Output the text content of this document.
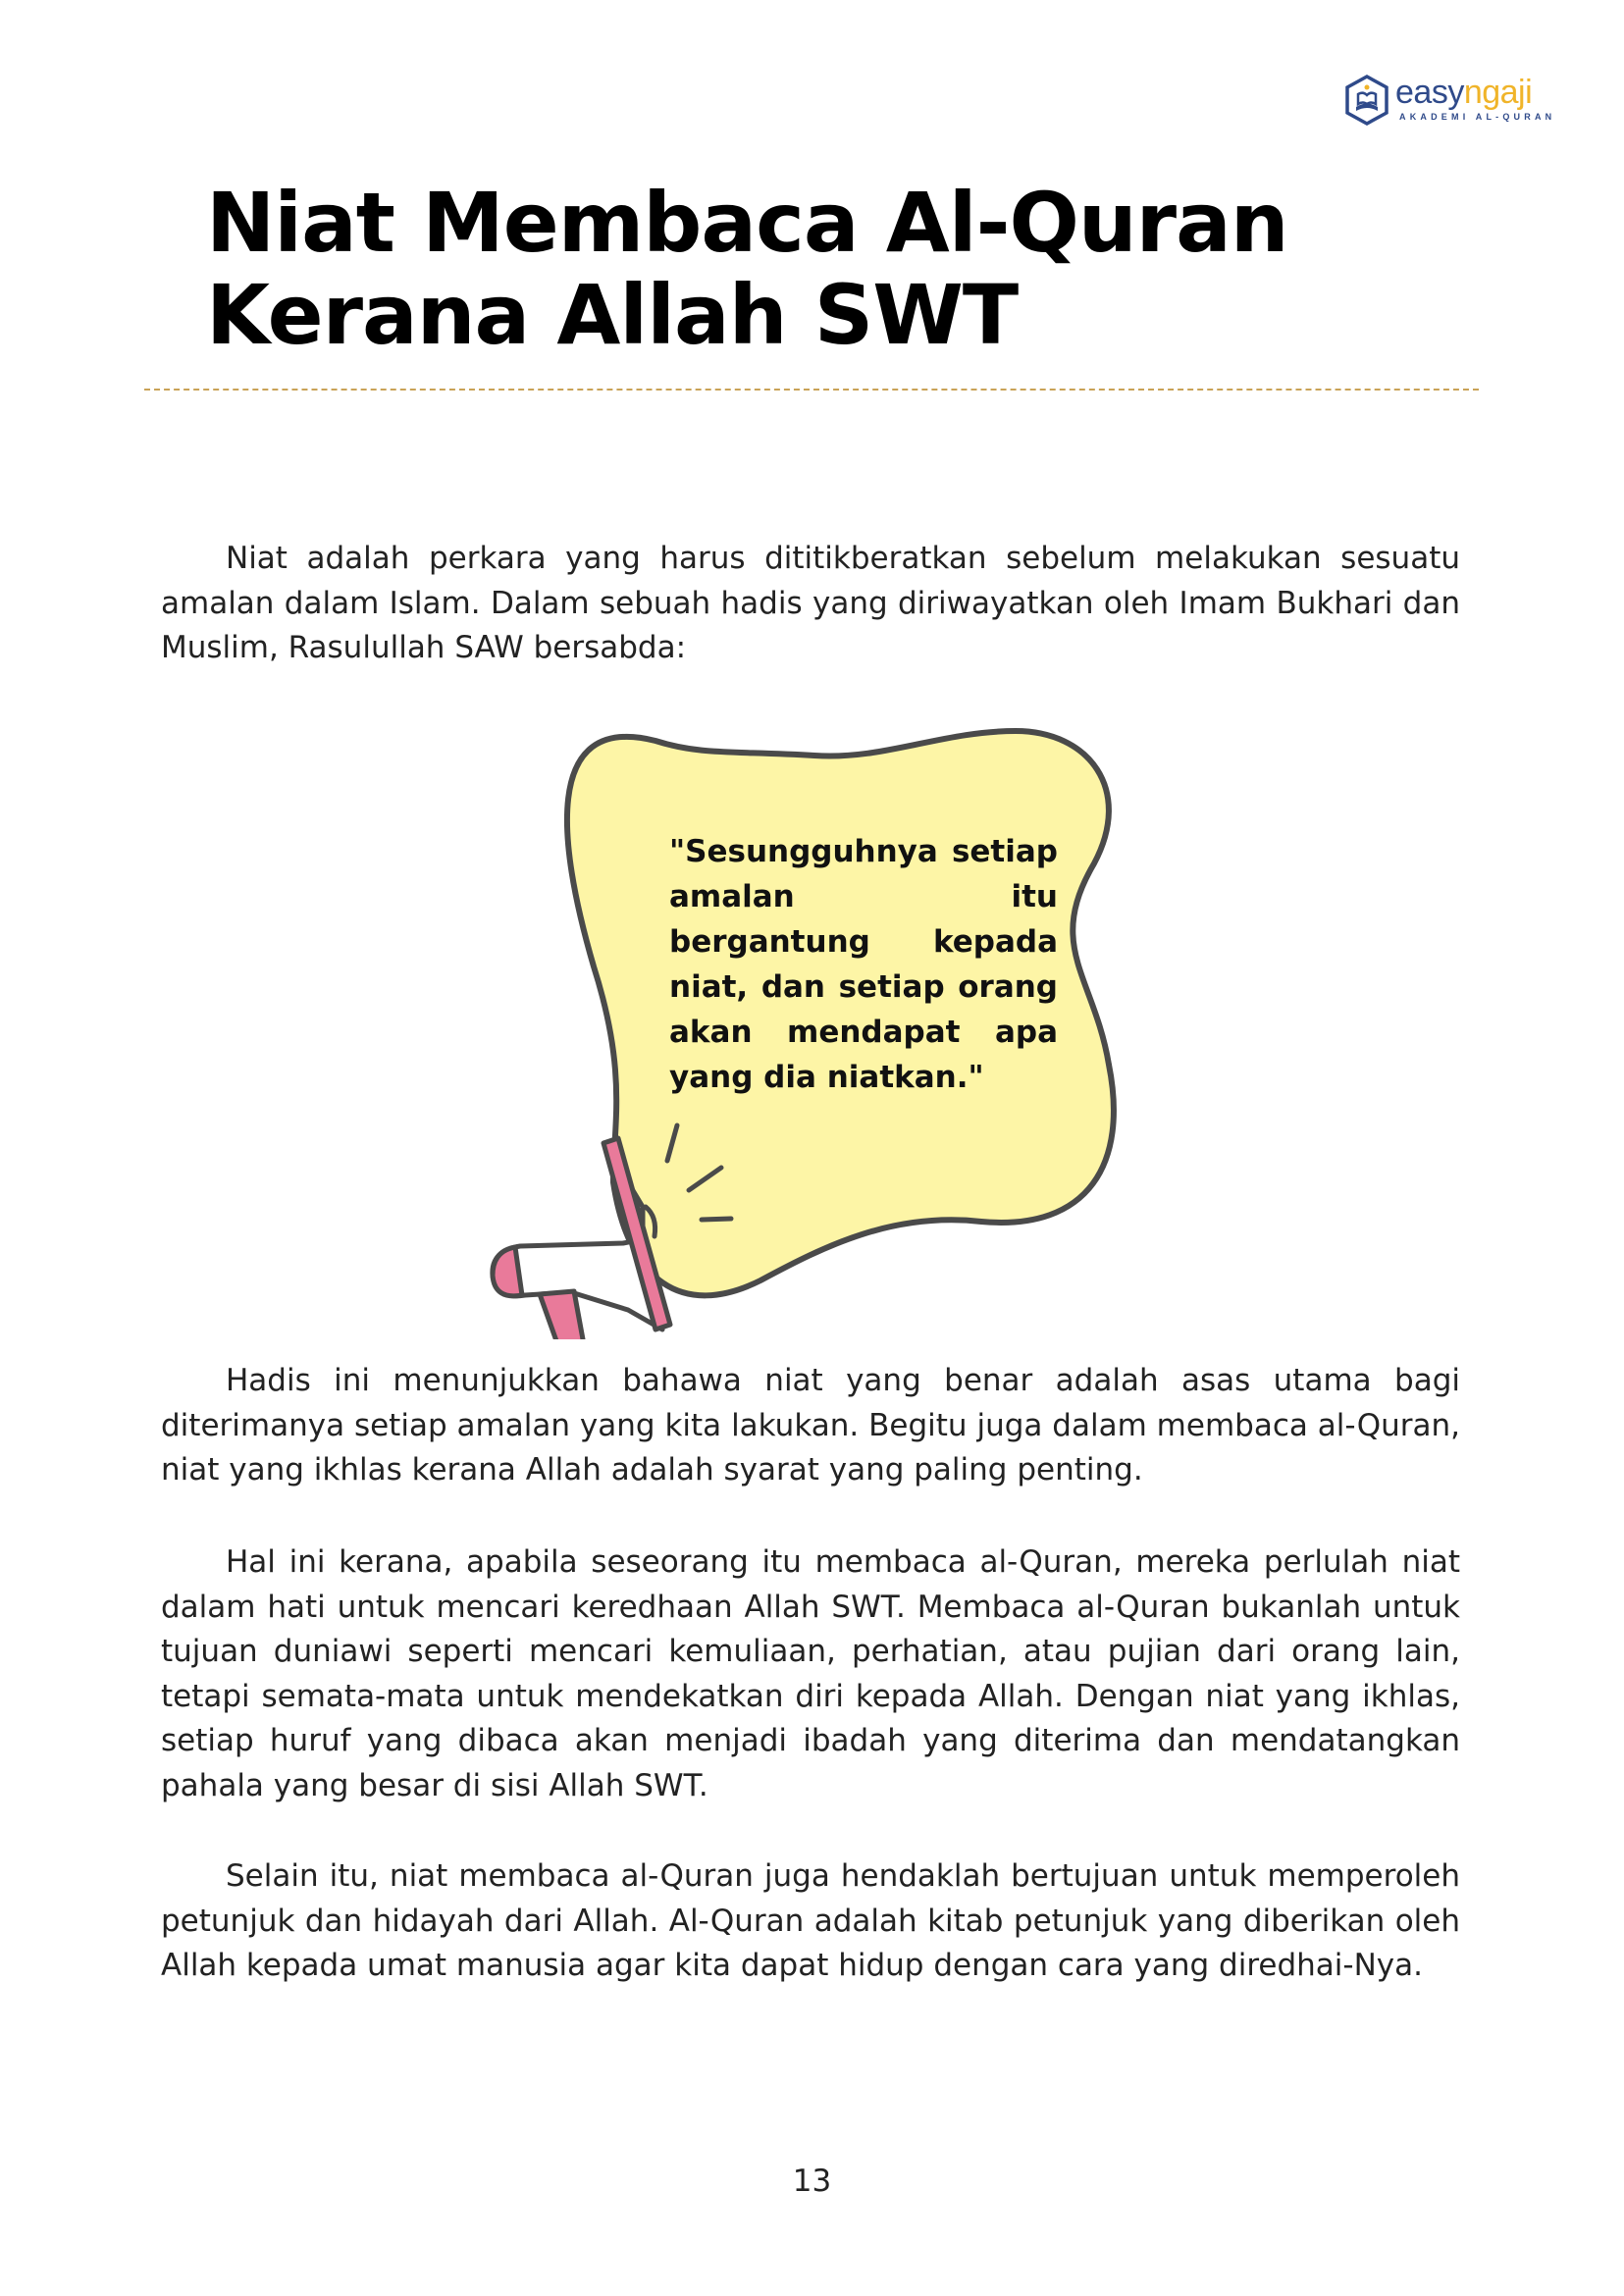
easyngaji
AKADEMI AL-QURAN
Niat Membaca Al-Quran Kerana Allah SWT

Niat adalah perkara yang harus dititikberatkan sebelum melakukan sesuatu amalan dalam Islam. Dalam sebuah hadis yang diriwayatkan oleh Imam Bukhari dan Muslim, Rasulullah SAW bersabda:

"Sesungguhnya setiap amalan itu bergantung kepada niat, dan setiap orang akan mendapat apa yang dia niatkan."

Hadis ini menunjukkan bahawa niat yang benar adalah asas utama bagi diterimanya setiap amalan yang kita lakukan. Begitu juga dalam membaca al-Quran, niat yang ikhlas kerana Allah adalah syarat yang paling penting.

Hal ini kerana, apabila seseorang itu membaca al-Quran, mereka perlulah niat dalam hati untuk mencari keredhaan Allah SWT. Membaca al-Quran bukanlah untuk tujuan duniawi seperti mencari kemuliaan, perhatian, atau pujian dari orang lain, tetapi semata-mata untuk mendekatkan diri kepada Allah. Dengan niat yang ikhlas, setiap huruf yang dibaca akan menjadi ibadah yang diterima dan mendatangkan pahala yang besar di sisi Allah SWT.

Selain itu, niat membaca al-Quran juga hendaklah bertujuan untuk memperoleh petunjuk dan hidayah dari Allah. Al-Quran adalah kitab petunjuk yang diberikan oleh Allah kepada umat manusia agar kita dapat hidup dengan cara yang diredhai-Nya.

13
